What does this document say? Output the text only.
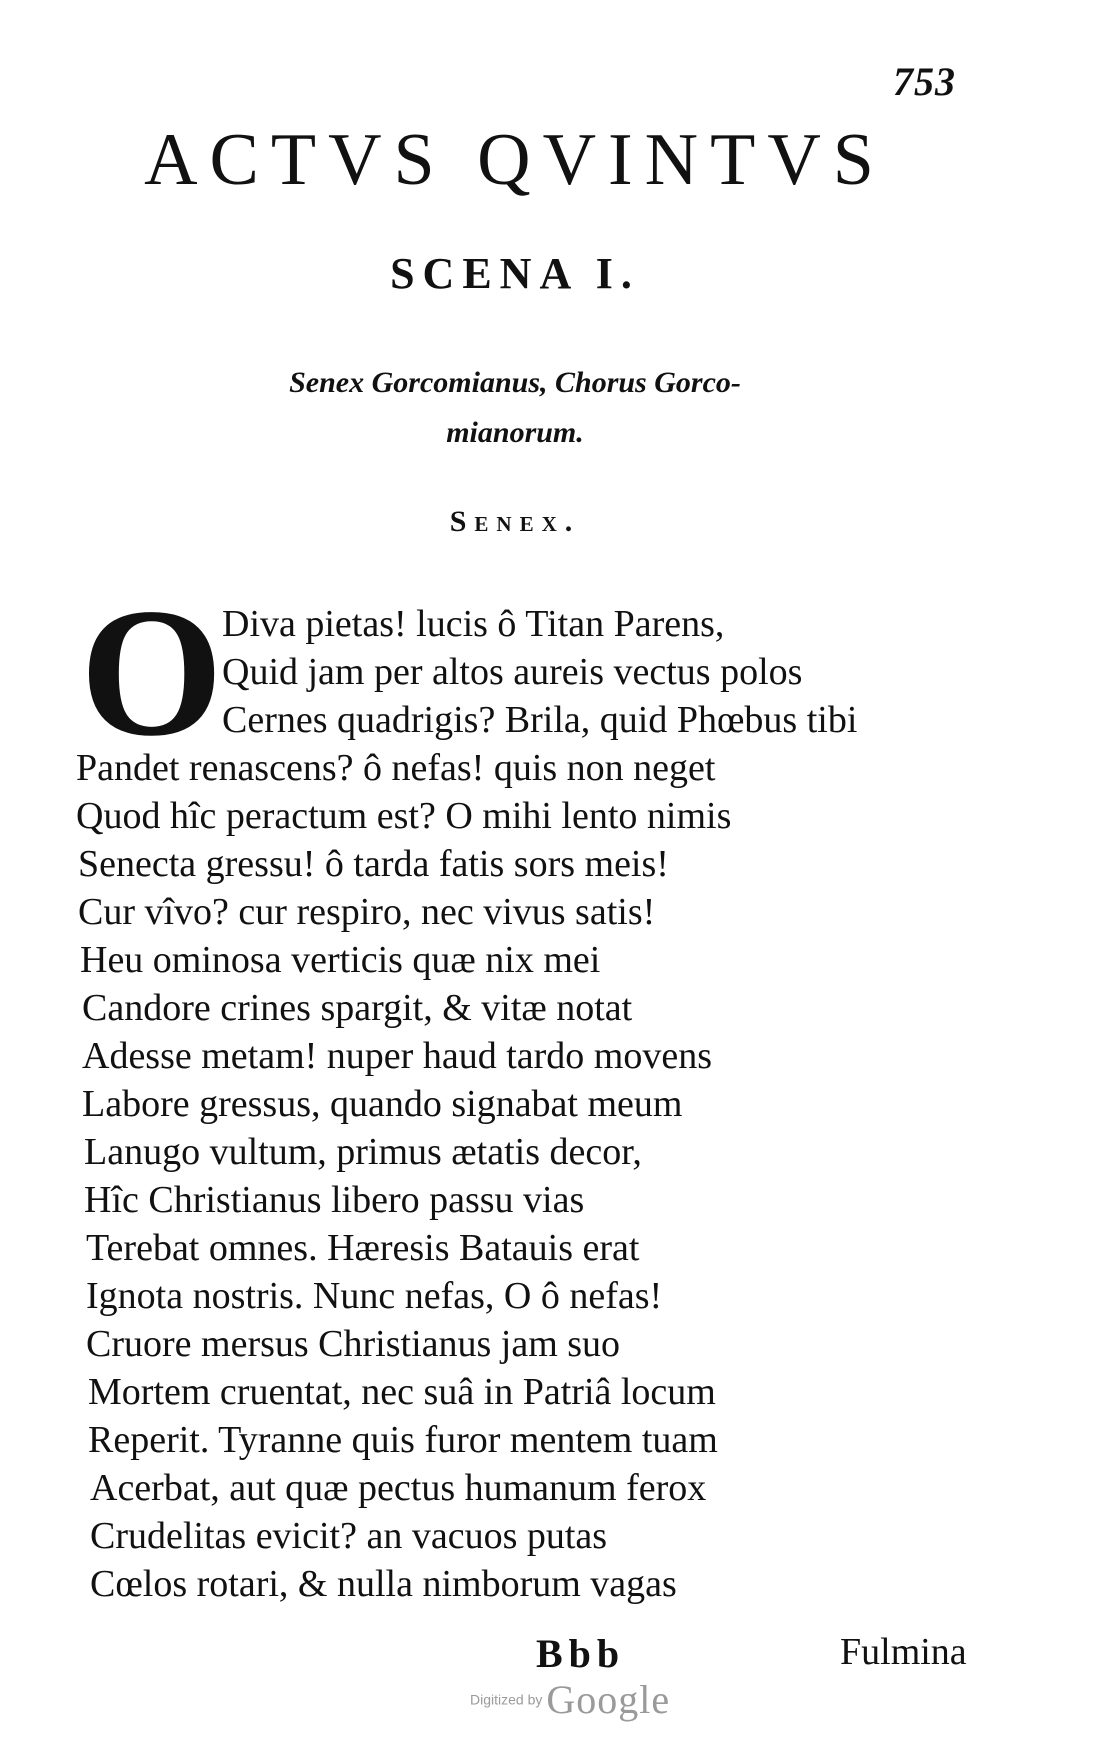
753
ACTVS QVINTVS
SCENA I.
Senex Gorcomianus, Chorus Gorco-
mianorum.
Senex.
O
Diva pietas! lucis ô Titan Parens,
Quid jam per altos aureis vectus polos
Cernes quadrigis? Brila, quid Phœbus tibi
Pandet renascens? ô nefas! quis non neget
Quod hîc peractum est? O mihi lento nimis
Senecta gressu! ô tarda fatis sors meis!
Cur vîvo? cur respiro, nec vivus satis!
Heu ominosa verticis quæ nix mei
Candore crines spargit, & vitæ notat
Adesse metam! nuper haud tardo movens
Labore gressus, quando signabat meum
Lanugo vultum, primus ætatis decor,
Hîc Christianus libero passu vias
Terebat omnes. Hæresis Batauis erat
Ignota nostris. Nunc nefas, O ô nefas!
Cruore mersus Christianus jam suo
Mortem cruentat, nec suâ in Patriâ locum
Reperit. Tyranne quis furor mentem tuam
Acerbat, aut quæ pectus humanum ferox
Crudelitas evicit? an vacuos putas
Cœlos rotari, & nulla nimborum vagas
Bbb	Fulmina
Digitized by Google
